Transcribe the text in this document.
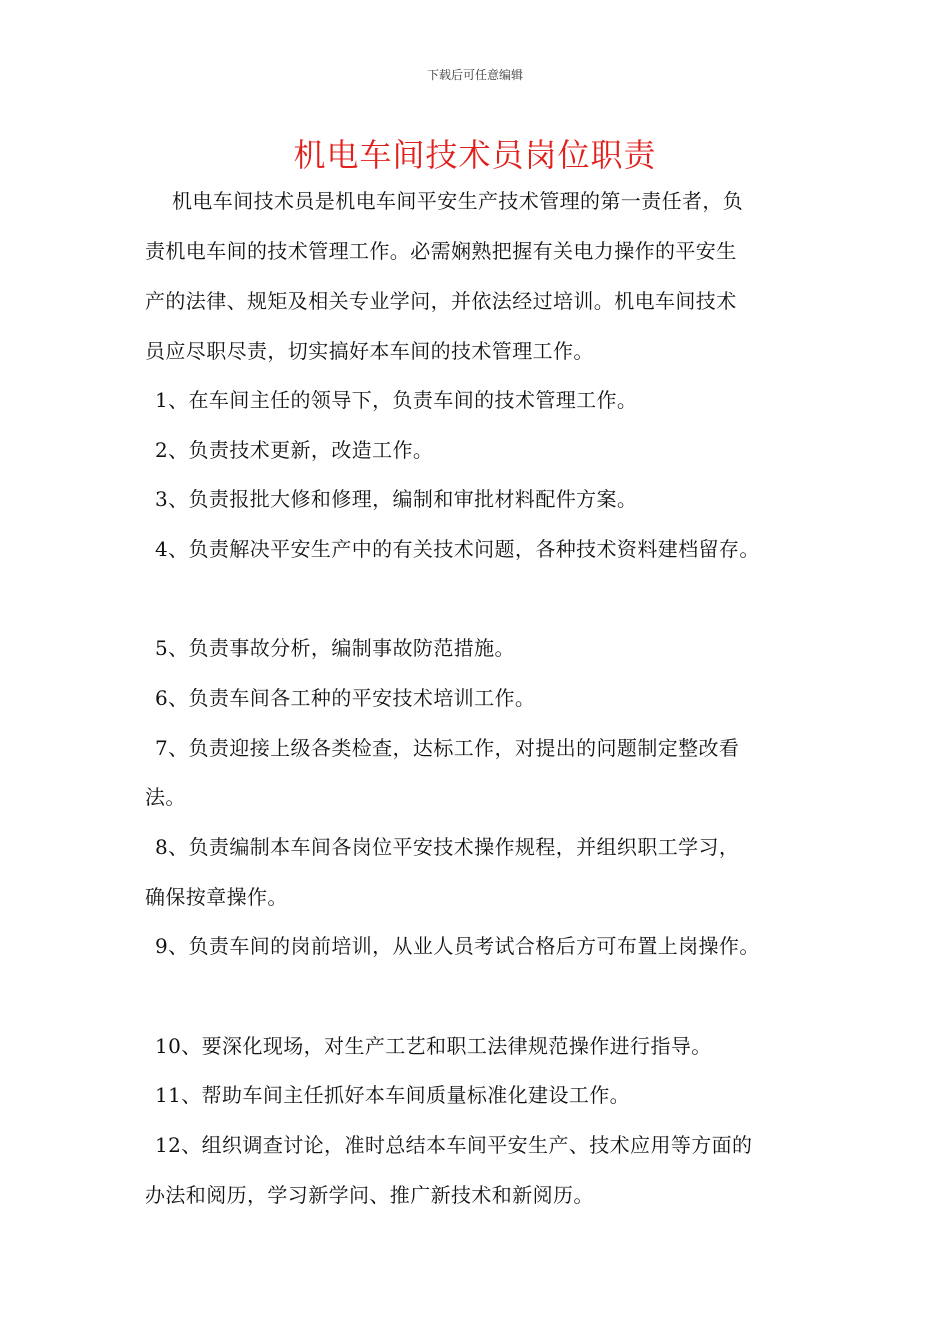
下载后可任意编辑
机电车间技术员岗位职责
机电车间技术员是机电车间平安生产技术管理的第一责任者，负
责机电车间的技术管理工作。必需娴熟把握有关电力操作的平安生
产的法律、规矩及相关专业学问，并依法经过培训。机电车间技术
员应尽职尽责，切实搞好本车间的技术管理工作。
1、在车间主任的领导下，负责车间的技术管理工作。
2、负责技术更新，改造工作。
3、负责报批大修和修理，编制和审批材料配件方案。
4、负责解决平安生产中的有关技术问题，各种技术资料建档留存。
5、负责事故分析，编制事故防范措施。
6、负责车间各工种的平安技术培训工作。
7、负责迎接上级各类检查，达标工作，对提出的问题制定整改看
法。
8、负责编制本车间各岗位平安技术操作规程，并组织职工学习，
确保按章操作。
9、负责车间的岗前培训，从业人员考试合格后方可布置上岗操作。
10、要深化现场，对生产工艺和职工法律规范操作进行指导。
11、帮助车间主任抓好本车间质量标准化建设工作。
12、组织调查讨论，准时总结本车间平安生产、技术应用等方面的
办法和阅历，学习新学问、推广新技术和新阅历。
